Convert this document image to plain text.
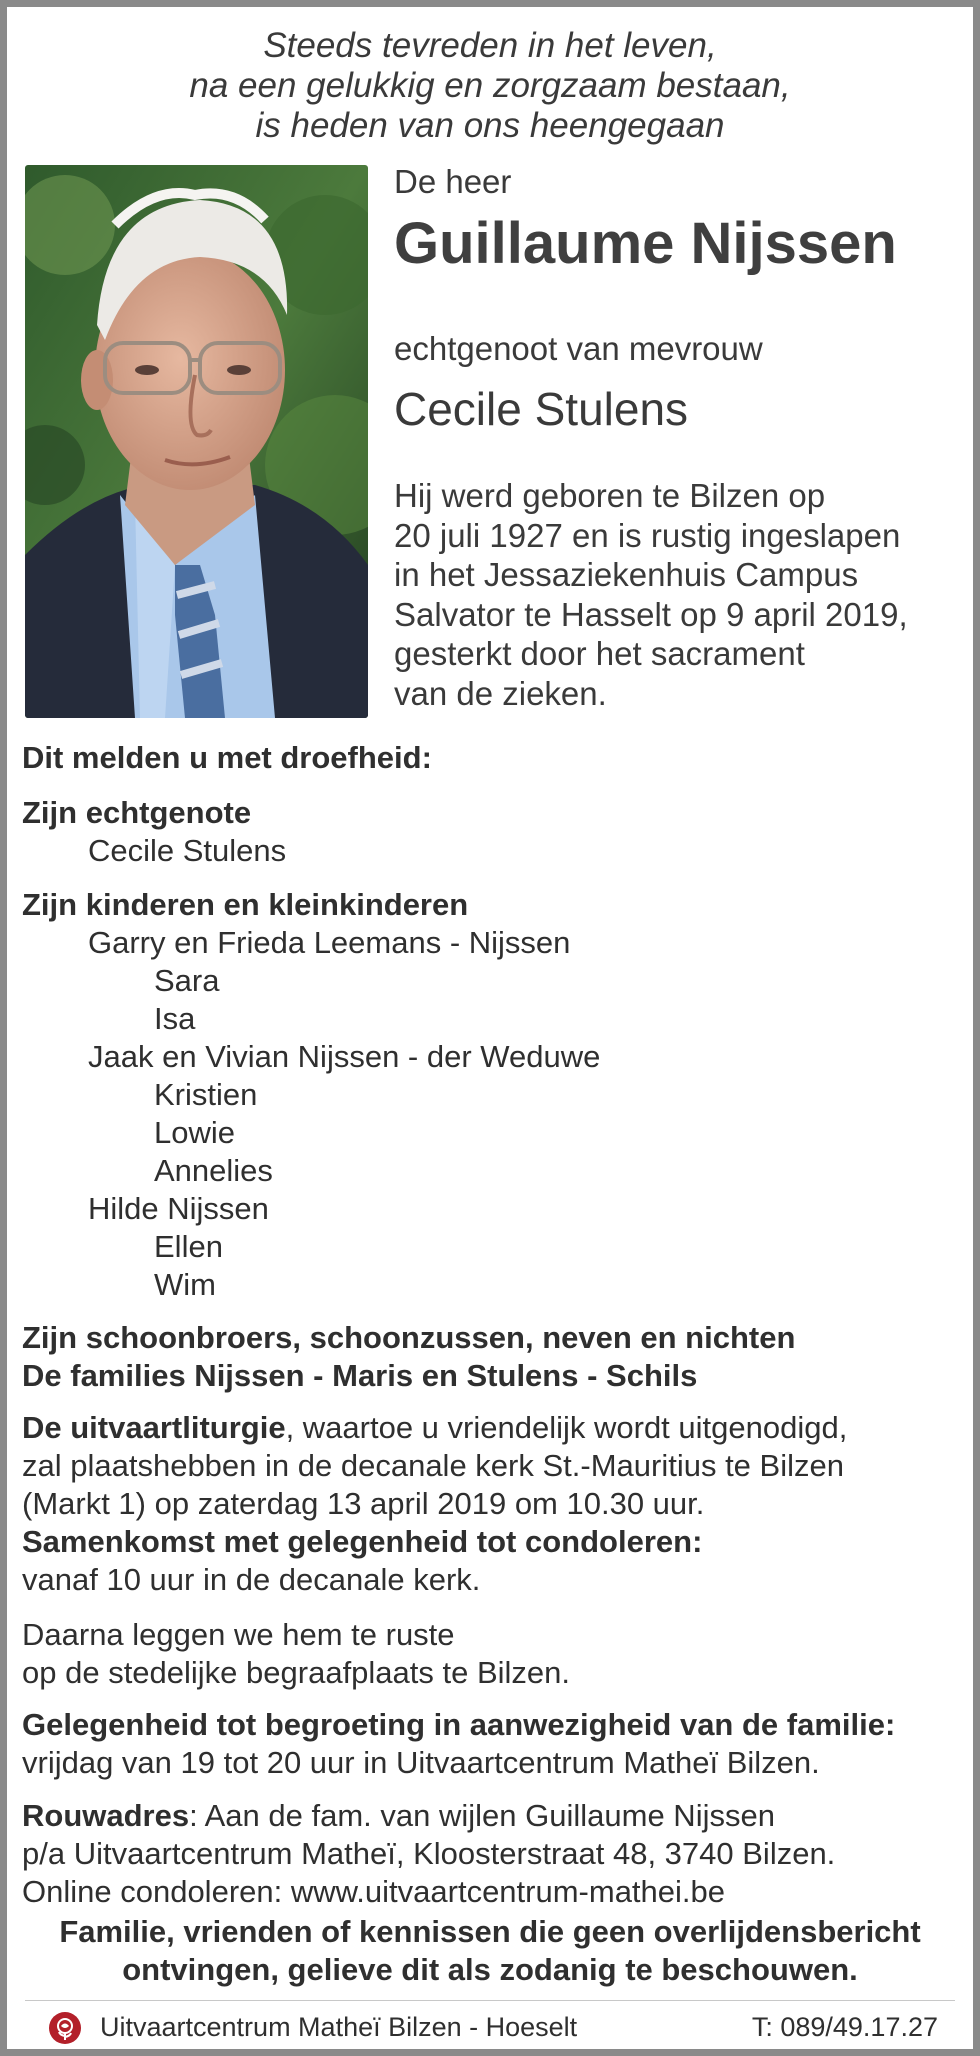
Steeds tevreden in het leven,
na een gelukkig en zorgzaam bestaan,
is heden van ons heengegaan
De heer
Guillaume Nijssen
echtgenoot van mevrouw
Cecile Stulens
Hij werd geboren te Bilzen op
20 juli 1927 en is rustig ingeslapen
in het Jessaziekenhuis Campus
Salvator te Hasselt op 9 april 2019,
gesterkt door het sacrament
van de zieken.
Dit melden u met droefheid:
Zijn echtgenote
Cecile Stulens
Zijn kinderen en kleinkinderen
Garry en Frieda Leemans - Nijssen
Sara
Isa
Jaak en Vivian Nijssen - der Weduwe
Kristien
Lowie
Annelies
Hilde Nijssen
Ellen
Wim
Zijn schoonbroers, schoonzussen, neven en nichten
De families Nijssen - Maris en Stulens - Schils
De uitvaartliturgie, waartoe u vriendelijk wordt uitgenodigd,
zal plaatshebben in de decanale kerk St.-Mauritius te Bilzen
(Markt 1) op zaterdag 13 april 2019 om 10.30 uur.
Samenkomst met gelegenheid tot condoleren:
vanaf 10 uur in de decanale kerk.
Daarna leggen we hem te ruste
op de stedelijke begraafplaats te Bilzen.
Gelegenheid tot begroeting in aanwezigheid van de familie:
vrijdag van 19 tot 20 uur in Uitvaartcentrum Matheï Bilzen.
Rouwadres: Aan de fam. van wijlen Guillaume Nijssen
p/a Uitvaartcentrum Matheï, Kloosterstraat 48, 3740 Bilzen.
Online condoleren: www.uitvaartcentrum-mathei.be
Familie, vrienden of kennissen die geen overlijdensbericht
ontvingen, gelieve dit als zodanig te beschouwen.
Uitvaartcentrum Matheï Bilzen - Hoeselt	T: 089/49.17.27
